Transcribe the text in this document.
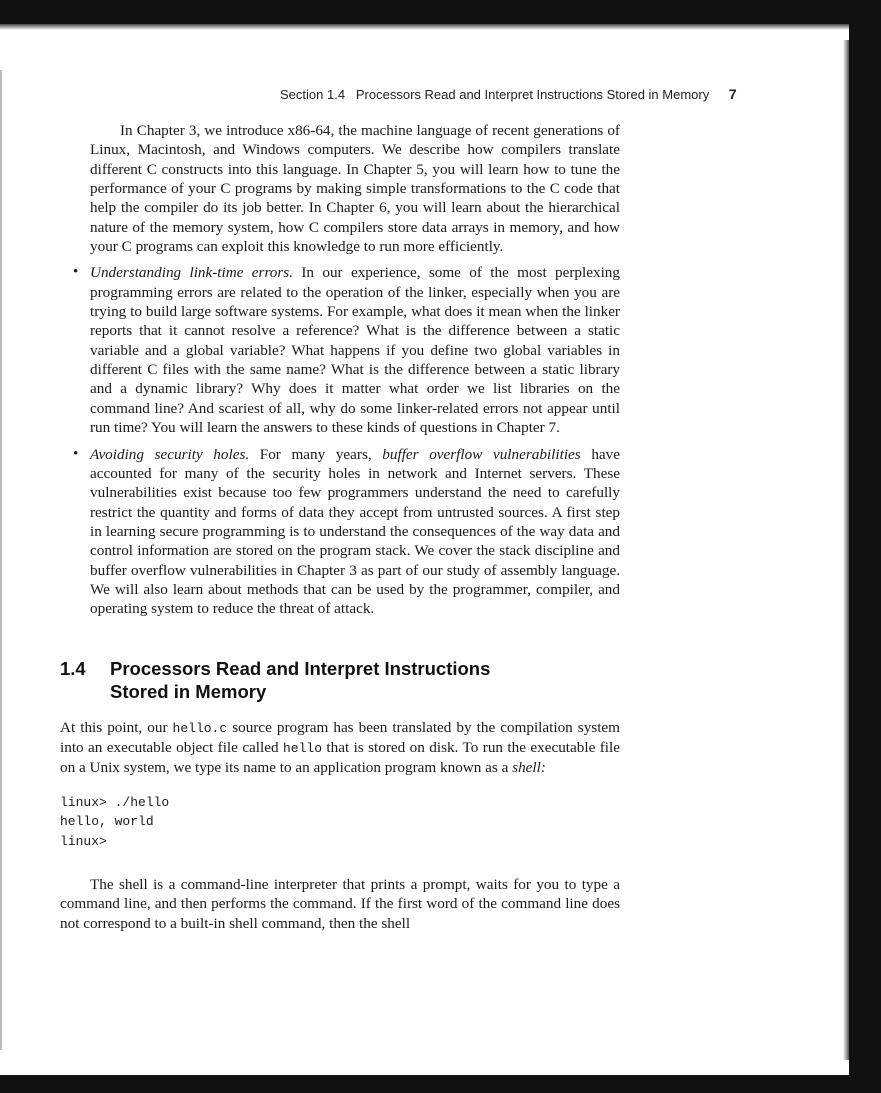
Section 1.4 Processors Read and Interpret Instructions Stored in Memory 7

In Chapter 3, we introduce x86-64, the machine language of recent generations of Linux, Macintosh, and Windows computers. We describe how compilers translate different C constructs into this language. In Chapter 5, you will learn how to tune the performance of your C programs by making simple transformations to the C code that help the compiler do its job better. In Chapter 6, you will learn about the hierarchical nature of the memory system, how C compilers store data arrays in memory, and how your C programs can exploit this knowledge to run more efficiently.

• Understanding link-time errors. In our experience, some of the most perplexing programming errors are related to the operation of the linker, especially when you are trying to build large software systems. For example, what does it mean when the linker reports that it cannot resolve a reference? What is the difference between a static variable and a global variable? What happens if you define two global variables in different C files with the same name? What is the difference between a static library and a dynamic library? Why does it matter what order we list libraries on the command line? And scariest of all, why do some linker-related errors not appear until run time? You will learn the answers to these kinds of questions in Chapter 7.
• Avoiding security holes. For many years, buffer overflow vulnerabilities have accounted for many of the security holes in network and Internet servers. These vulnerabilities exist because too few programmers understand the need to carefully restrict the quantity and forms of data they accept from untrusted sources. A first step in learning secure programming is to understand the consequences of the way data and control information are stored on the program stack. We cover the stack discipline and buffer overflow vulnerabilities in Chapter 3 as part of our study of assembly language. We will also learn about methods that can be used by the programmer, compiler, and operating system to reduce the threat of attack.
1.4	Processors Read and Interpret Instructions
Stored in Memory

At this point, our hello.c source program has been translated by the compilation system into an executable object file called hello that is stored on disk. To run the executable file on a Unix system, we type its name to an application program known as a shell:

linux> ./hello
hello, world
linux>

The shell is a command-line interpreter that prints a prompt, waits for you to type a command line, and then performs the command. If the first word of the command line does not correspond to a built-in shell command, then the shell
